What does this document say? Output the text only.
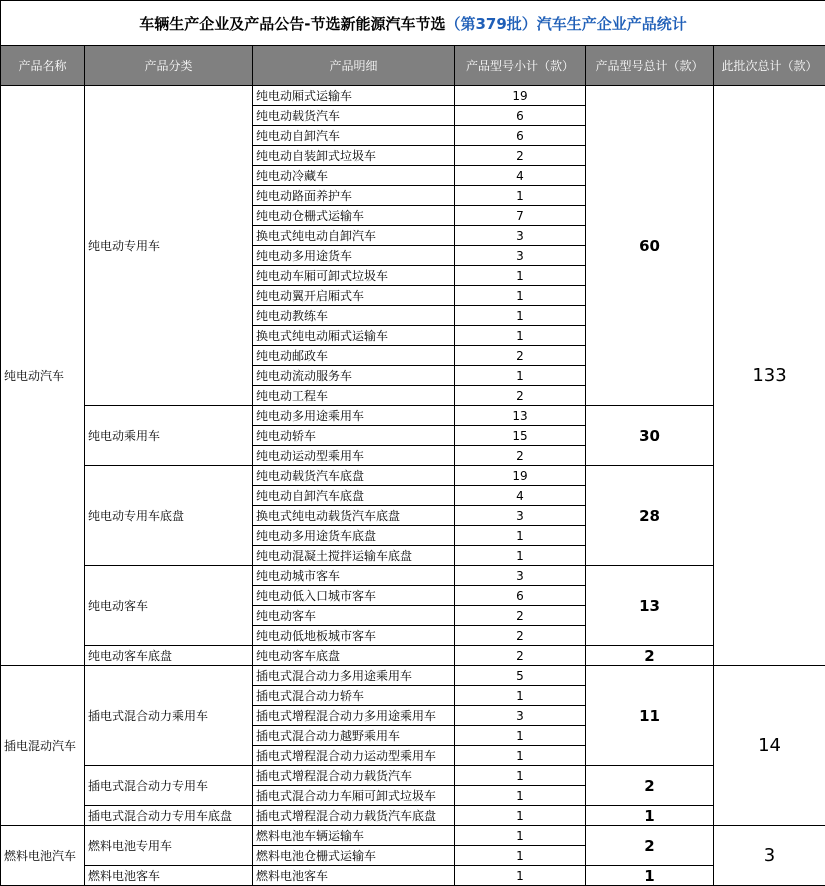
车辆生产企业及产品公告-节选新能源汽车节选（第379批）汽车生产企业产品统计					
产品名称	产品分类	产品明细	产品型号小计（款）	产品型号总计（款）	此批次总计（款）
纯电动汽车	纯电动专用车	纯电动厢式运输车	19	60	133
		纯电动载货汽车	6		
		纯电动自卸汽车	6		
		纯电动自装卸式垃圾车	2		
		纯电动冷藏车	4		
		纯电动路面养护车	1		
		纯电动仓栅式运输车	7		
		换电式纯电动自卸汽车	3		
		纯电动多用途货车	3		
		纯电动车厢可卸式垃圾车	1		
		纯电动翼开启厢式车	1		
		纯电动教练车	1		
		换电式纯电动厢式运输车	1		
		纯电动邮政车	2		
		纯电动流动服务车	1		
		纯电动工程车	2		
	纯电动乘用车	纯电动多用途乘用车	13	30	
		纯电动轿车	15		
		纯电动运动型乘用车	2		
	纯电动专用车底盘	纯电动载货汽车底盘	19	28	
		纯电动自卸汽车底盘	4		
		换电式纯电动载货汽车底盘	3		
		纯电动多用途货车底盘	1		
		纯电动混凝土搅拌运输车底盘	1		
	纯电动客车	纯电动城市客车	3	13	
		纯电动低入口城市客车	6		
		纯电动客车	2		
		纯电动低地板城市客车	2		
	纯电动客车底盘	纯电动客车底盘	2	2	
插电混动汽车	插电式混合动力乘用车	插电式混合动力多用途乘用车	5	11	14
		插电式混合动力轿车	1		
		插电式增程混合动力多用途乘用车	3		
		插电式混合动力越野乘用车	1		
		插电式增程混合动力运动型乘用车	1		
	插电式混合动力专用车	插电式增程混合动力载货汽车	1	2	
		插电式混合动力车厢可卸式垃圾车	1		
	插电式混合动力专用车底盘	插电式增程混合动力载货汽车底盘	1	1	
燃料电池汽车	燃料电池专用车	燃料电池车辆运输车	1	2	3
		燃料电池仓栅式运输车	1		
	燃料电池客车	燃料电池客车	1	1	
